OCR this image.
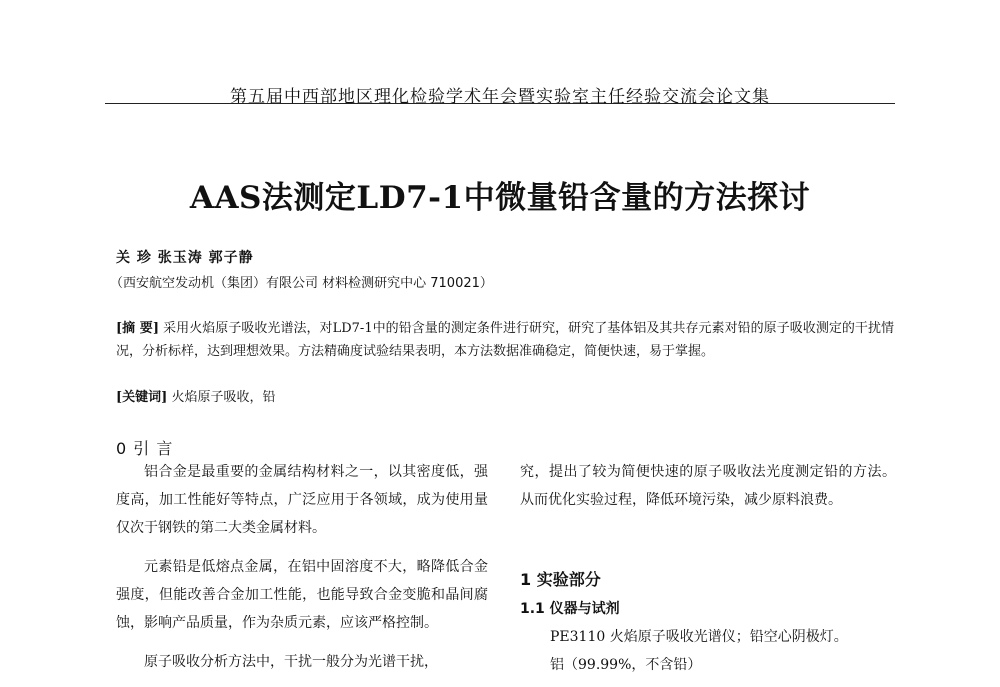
第五届中西部地区理化检验学术年会暨实验室主任经验交流会论文集
AAS法测定LD7-1中微量铅含量的方法探讨
关 珍 张玉涛 郭子静
（西安航空发动机（集团）有限公司 材料检测研究中心 710021）
[摘 要] 采用火焰原子吸收光谱法，对LD7-1中的铅含量的测定条件进行研究，研究了基体铝及其共存元素对铅的原子吸收测定的干扰情况，分析标样，达到理想效果。方法精确度试验结果表明，本方法数据准确稳定，简便快速，易于掌握。
[关键词] 火焰原子吸收，铅
0 引 言

铝合金是最重要的金属结构材料之一，以其密度低，强度高，加工性能好等特点，广泛应用于各领域，成为使用量仅次于钢铁的第二大类金属材料。

元素铅是低熔点金属，在铝中固溶度不大，略降低合金强度，但能改善合金加工性能，也能导致合金变脆和晶间腐蚀，影响产品质量，作为杂质元素，应该严格控制。

原子吸收分析方法中，干扰一般分为光谱干扰，

究，提出了较为简便快速的原子吸收法光度测定铅的方法。从而优化实验过程，降低环境污染，减少原料浪费。

1 实验部分
1.1 仪器与试剂
PE3110 火焰原子吸收光谱仪；铅空心阴极灯。
铝（99.99%，不含铅）
